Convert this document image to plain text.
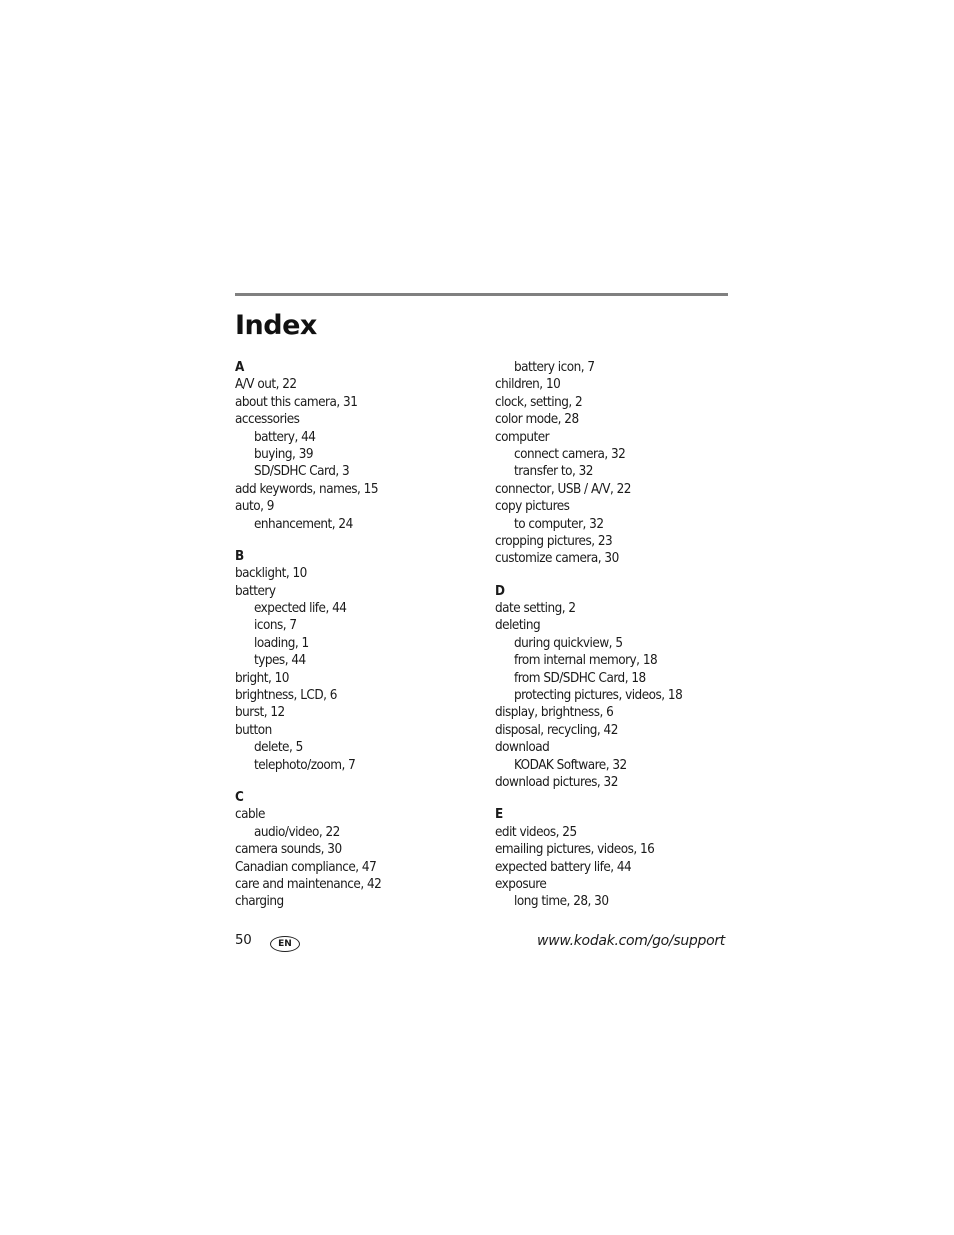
Index
A
A/V out, 22
about this camera, 31
accessories
battery, 44
buying, 39
SD/SDHC Card, 3
add keywords, names, 15
auto, 9
enhancement, 24
B
backlight, 10
battery
expected life, 44
icons, 7
loading, 1
types, 44
bright, 10
brightness, LCD, 6
burst, 12
button
delete, 5
telephoto/zoom, 7
C
cable
audio/video, 22
camera sounds, 30
Canadian compliance, 47
care and maintenance, 42
charging
battery icon, 7
children, 10
clock, setting, 2
color mode, 28
computer
connect camera, 32
transfer to, 32
connector, USB / A/V, 22
copy pictures
to computer, 32
cropping pictures, 23
customize camera, 30
D
date setting, 2
deleting
during quickview, 5
from internal memory, 18
from SD/SDHC Card, 18
protecting pictures, videos, 18
display, brightness, 6
disposal, recycling, 42
download
KODAK Software, 32
download pictures, 32
E
edit videos, 25
emailing pictures, videos, 16
expected battery life, 44
exposure
long time, 28, 30
50	EN	www.kodak.com/go/support
